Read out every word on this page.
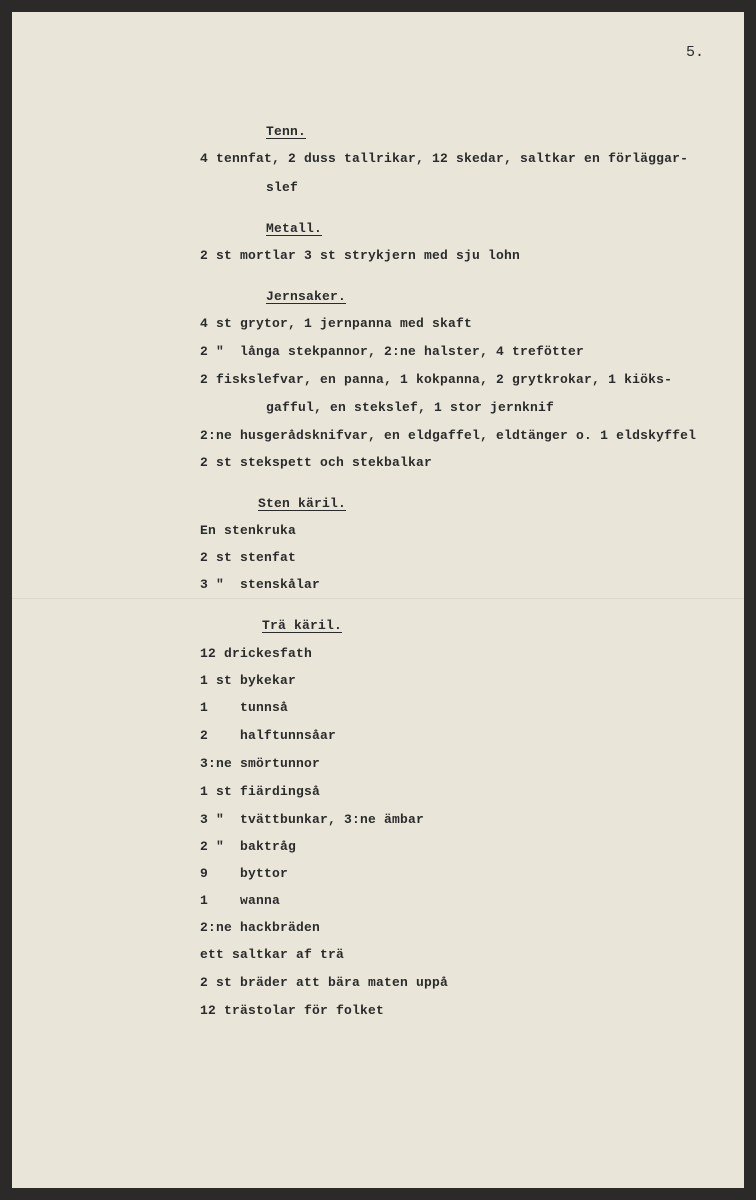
5.
Tenn.
4 tennfat, 2 duss tallrikar, 12 skedar, saltkar en förläggar-
slef
Metall.
2 st mortlar 3 st strykjern med sju lohn
Jernsaker.
4 st grytor, 1 jernpanna med skaft
2 "  långa stekpannor, 2:ne halster, 4 trefötter
2 fiskslefvar, en panna, 1 kokpanna, 2 grytkrokar, 1 kiöks-
gafful, en stekslef, 1 stor jernknif
2:ne husgerådsknifvar, en eldgaffel, eldtänger o. 1 eldskyffel
2 st stekspett och stekbalkar
Sten käril.
En stenkruka
2 st stenfat
3 "  stenskålar
Trä käril.
12 drickesfath
1 st bykekar
1    tunnså
2    halftunnsåar
3:ne smörtunnor
1 st fiärdingså
3 "  tvättbunkar, 3:ne ämbar
2 "  baktråg
9    byttor
1    wanna
2:ne hackbräden
ett saltkar af trä
2 st bräder att bära maten uppå
12 trästolar för folket
